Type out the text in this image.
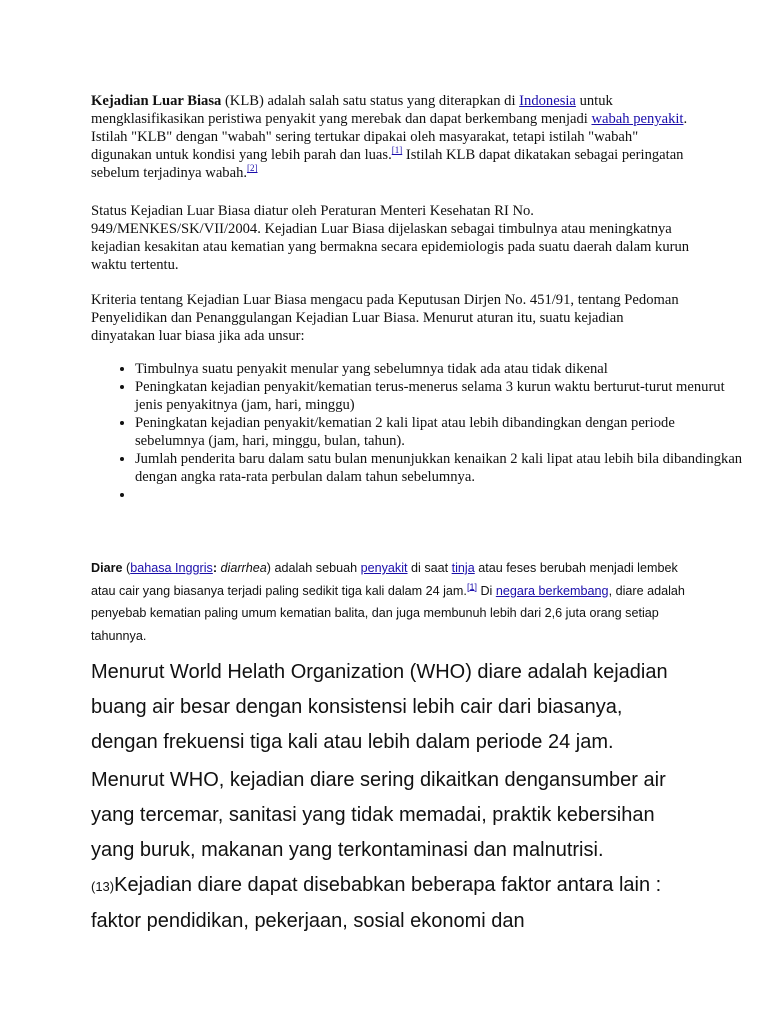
Kejadian Luar Biasa (KLB) adalah salah satu status yang diterapkan di Indonesia untuk mengklasifikasikan peristiwa penyakit yang merebak dan dapat berkembang menjadi wabah penyakit. Istilah "KLB" dengan "wabah" sering tertukar dipakai oleh masyarakat, tetapi istilah "wabah" digunakan untuk kondisi yang lebih parah dan luas.[1] Istilah KLB dapat dikatakan sebagai peringatan sebelum terjadinya wabah.[2]

Status Kejadian Luar Biasa diatur oleh Peraturan Menteri Kesehatan RI No. 949/MENKES/SK/VII/2004. Kejadian Luar Biasa dijelaskan sebagai timbulnya atau meningkatnya kejadian kesakitan atau kematian yang bermakna secara epidemiologis pada suatu daerah dalam kurun waktu tertentu.

Kriteria tentang Kejadian Luar Biasa mengacu pada Keputusan Dirjen No. 451/91, tentang Pedoman Penyelidikan dan Penanggulangan Kejadian Luar Biasa. Menurut aturan itu, suatu kejadian dinyatakan luar biasa jika ada unsur:

• Timbulnya suatu penyakit menular yang sebelumnya tidak ada atau tidak dikenal
• Peningkatan kejadian penyakit/kematian terus-menerus selama 3 kurun waktu berturut-turut menurut jenis penyakitnya (jam, hari, minggu)
• Peningkatan kejadian penyakit/kematian 2 kali lipat atau lebih dibandingkan dengan periode sebelumnya (jam, hari, minggu, bulan, tahun).
• Jumlah penderita baru dalam satu bulan menunjukkan kenaikan 2 kali lipat atau lebih bila dibandingkan dengan angka rata-rata perbulan dalam tahun sebelumnya.
•

Diare (bahasa Inggris: diarrhea) adalah sebuah penyakit di saat tinja atau feses berubah menjadi lembek atau cair yang biasanya terjadi paling sedikit tiga kali dalam 24 jam.[1] Di negara berkembang, diare adalah penyebab kematian paling umum kematian balita, dan juga membunuh lebih dari 2,6 juta orang setiap tahunnya.

Menurut World Helath Organization (WHO) diare adalah kejadian buang air besar dengan konsistensi lebih cair dari biasanya, dengan frekuensi tiga kali atau lebih dalam periode 24 jam.

Menurut WHO, kejadian diare sering dikaitkan dengansumber air yang tercemar, sanitasi yang tidak memadai, praktik kebersihan yang buruk, makanan yang terkontaminasi dan malnutrisi.(13)Kejadian diare dapat disebabkan beberapa faktor antara lain : faktor pendidikan, pekerjaan, sosial ekonomi dan
